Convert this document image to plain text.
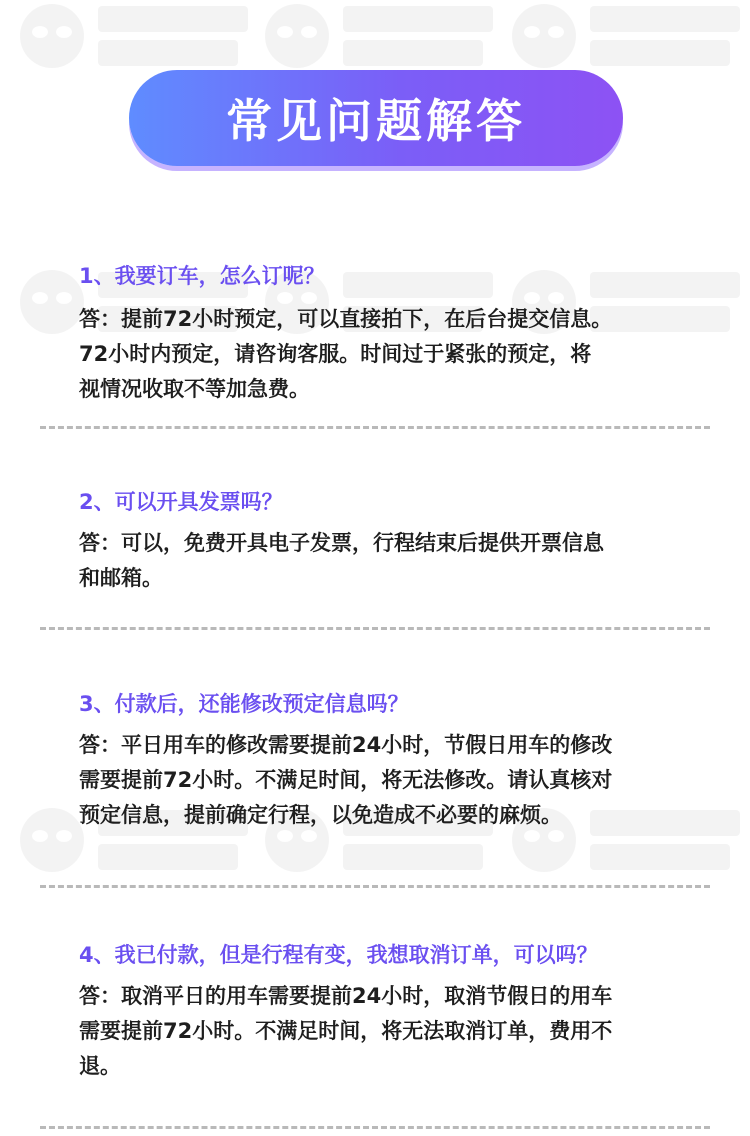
常见问题解答
1、我要订车，怎么订呢？

答：提前72小时预定，可以直接拍下，在后台提交信息。
72小时内预定，请咨询客服。时间过于紧张的预定，将
视情况收取不等加急费。

2、可以开具发票吗？

答：可以，免费开具电子发票，行程结束后提供开票信息
和邮箱。

3、付款后，还能修改预定信息吗？

答：平日用车的修改需要提前24小时，节假日用车的修改
需要提前72小时。不满足时间，将无法修改。请认真核对
预定信息，提前确定行程，以免造成不必要的麻烦。

4、我已付款，但是行程有变，我想取消订单，可以吗？

答：取消平日的用车需要提前24小时，取消节假日的用车
需要提前72小时。不满足时间，将无法取消订单，费用不
退。
